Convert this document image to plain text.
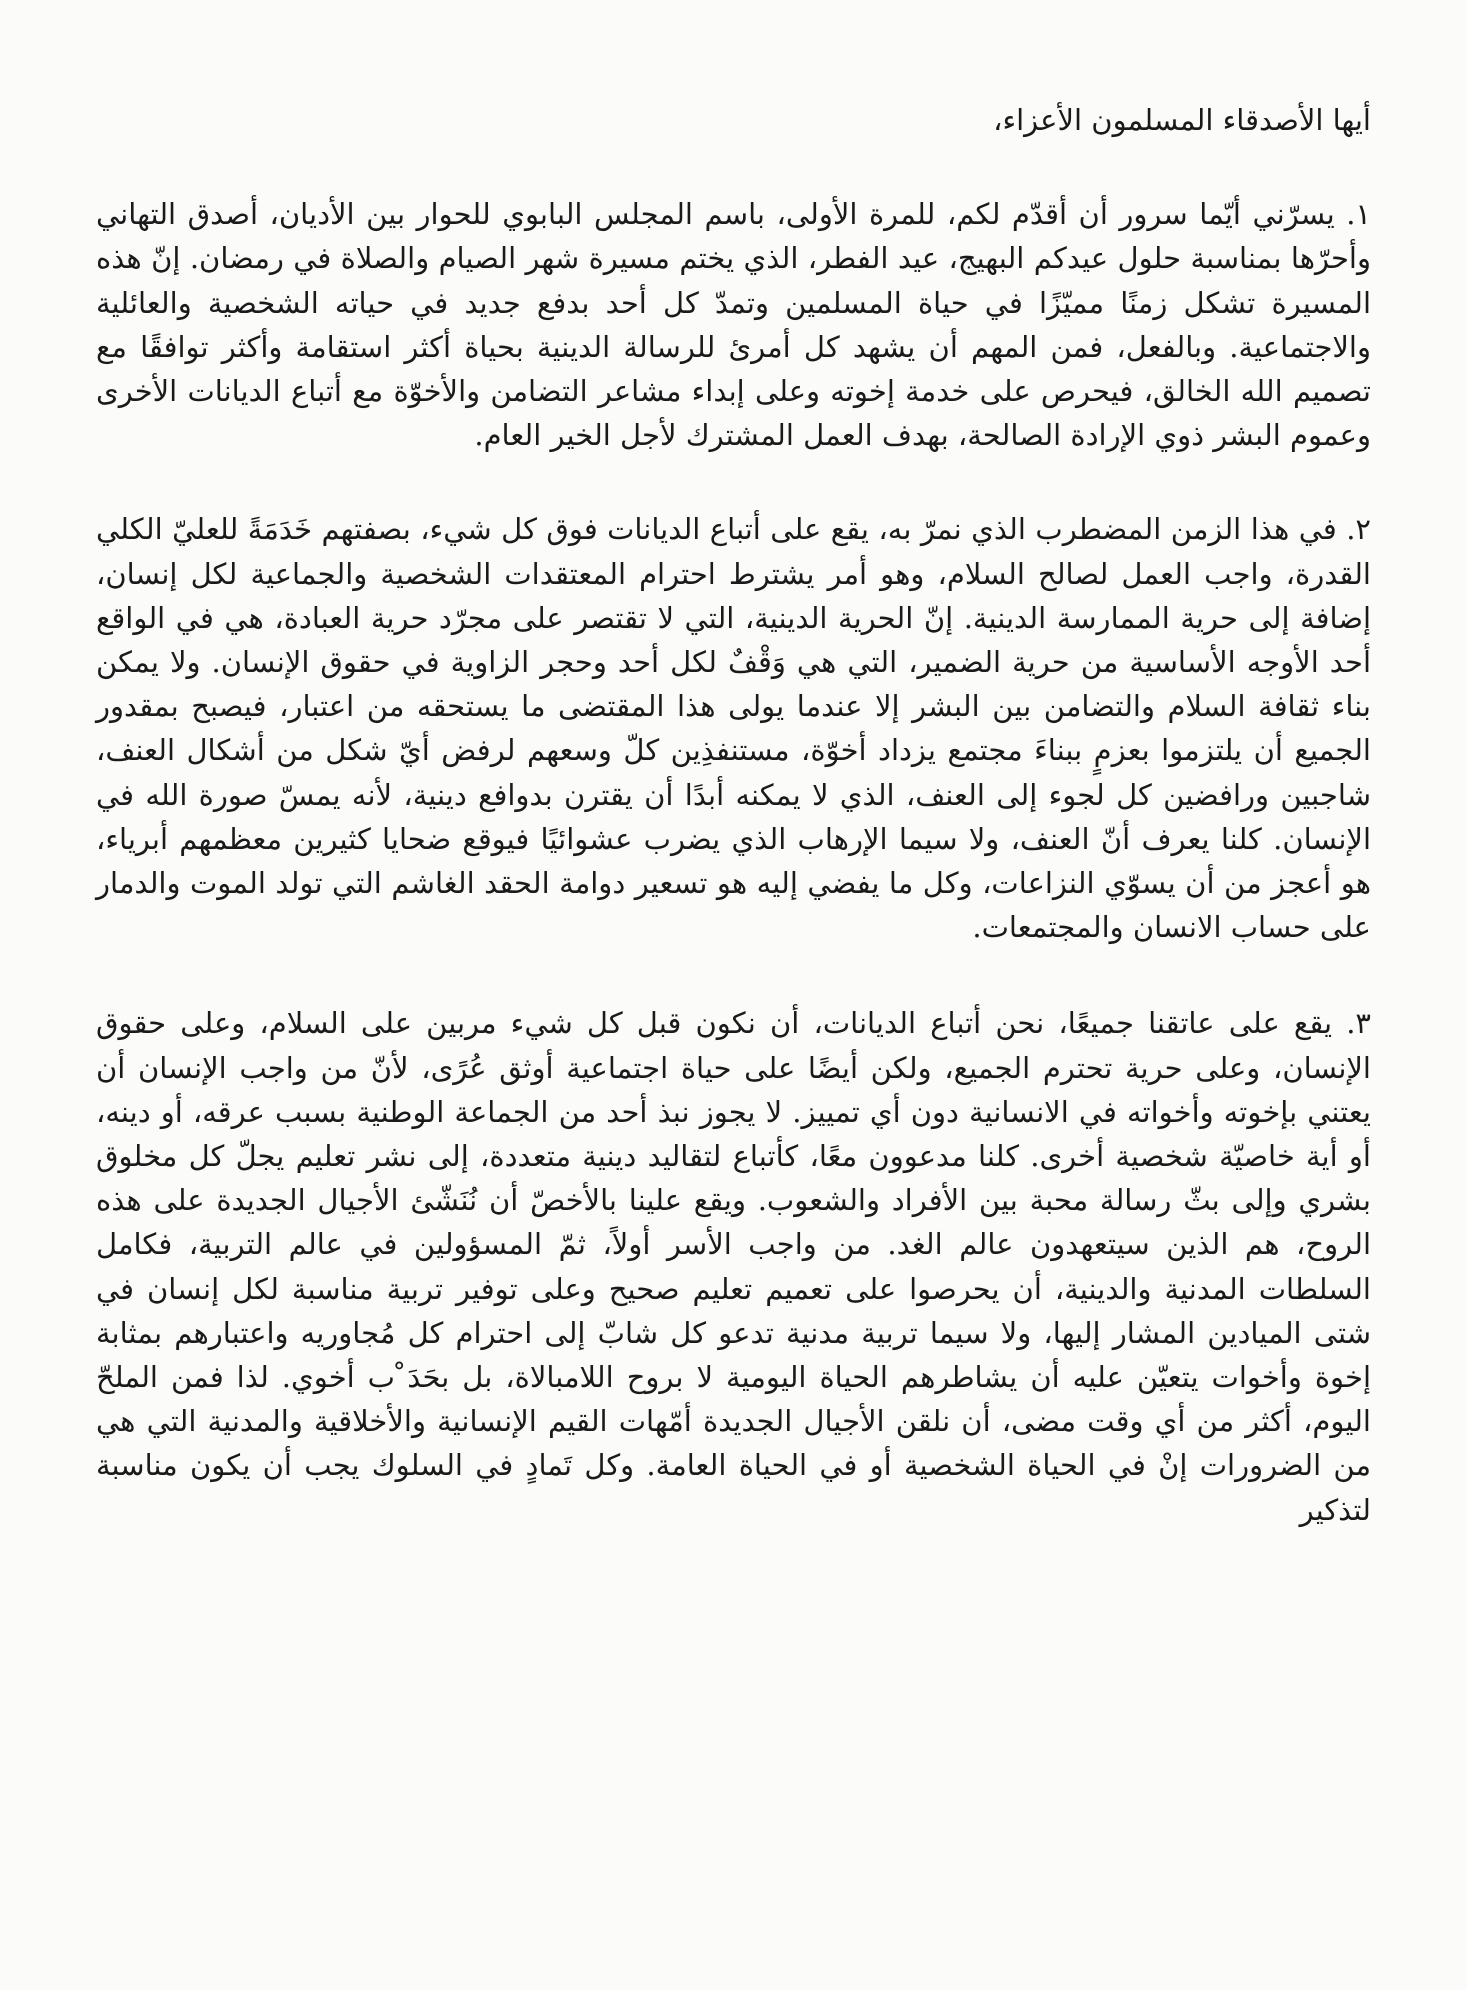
أيها الأصدقاء المسلمون الأعزاء،

١. يسرّني أيّما سرور أن أقدّم لكم، للمرة الأولى، باسم المجلس البابوي للحوار بين الأديان، أصدق التهاني وأحرّها بمناسبة حلول عيدكم البهيج، عيد الفطر، الذي يختم مسيرة شهر الصيام والصلاة في رمضان. إنّ هذه المسيرة تشكل زمنًا مميّزًا في حياة المسلمين وتمدّ كل أحد بدفع جديد في حياته الشخصية والعائلية والاجتماعية. وبالفعل، فمن المهم أن يشهد كل أمرئ للرسالة الدينية بحياة أكثر استقامة وأكثر توافقًا مع تصميم الله الخالق، فيحرص على خدمة إخوته وعلى إبداء مشاعر التضامن والأخوّة مع أتباع الديانات الأخرى وعموم البشر ذوي الإرادة الصالحة، بهدف العمل المشترك لأجل الخير العام.

٢. في هذا الزمن المضطرب الذي نمرّ به، يقع على أتباع الديانات فوق كل شيء، بصفتهم خَدَمَةً للعليّ الكلي القدرة، واجب العمل لصالح السلام، وهو أمر يشترط احترام المعتقدات الشخصية والجماعية لكل إنسان، إضافة إلى حرية الممارسة الدينية. إنّ الحرية الدينية، التي لا تقتصر على مجرّد حرية العبادة، هي في الواقع أحد الأوجه الأساسية من حرية الضمير، التي هي وَقْفٌ لكل أحد وحجر الزاوية في حقوق الإنسان. ولا يمكن بناء ثقافة السلام والتضامن بين البشر إلا عندما يولى هذا المقتضى ما يستحقه من اعتبار، فيصبح بمقدور الجميع أن يلتزموا بعزمٍ ببناءَ مجتمع يزداد أخوّة، مستنفذِين كلّ وسعهم لرفض أيّ شكل من أشكال العنف، شاجبين ورافضين كل لجوء إلى العنف، الذي لا يمكنه أبدًا أن يقترن بدوافع دينية، لأنه يمسّ صورة الله في الإنسان. كلنا يعرف أنّ العنف، ولا سيما الإرهاب الذي يضرب عشوائيًا فيوقع ضحايا كثيرين معظمهم أبرياء، هو أعجز من أن يسوّي النزاعات، وكل ما يفضي إليه هو تسعير دوامة الحقد الغاشم التي تولد الموت والدمار على حساب الانسان والمجتمعات.

٣. يقع على عاتقنا جميعًا، نحن أتباع الديانات، أن نكون قبل كل شيء مربين على السلام، وعلى حقوق الإنسان، وعلى حرية تحترم الجميع، ولكن أيضًا على حياة اجتماعية أوثق عُرًى، لأنّ من واجب الإنسان أن يعتني بإخوته وأخواته في الانسانية دون أي تمييز. لا يجوز نبذ أحد من الجماعة الوطنية بسبب عرقه، أو دينه، أو أية خاصيّة شخصية أخرى. كلنا مدعوون معًا، كأتباع لتقاليد دينية متعددة، إلى نشر تعليم يجلّ كل مخلوق بشري وإلى بثّ رسالة محبة بين الأفراد والشعوب. ويقع علينا بالأخصّ أن نُنَشّئ الأجيال الجديدة على هذه الروح، هم الذين سيتعهدون عالم الغد. من واجب الأسر أولاً، ثمّ المسؤولين في عالم التربية، فكامل السلطات المدنية والدينية، أن يحرصوا على تعميم تعليم صحيح وعلى توفير تربية مناسبة لكل إنسان في شتى الميادين المشار إليها، ولا سيما تربية مدنية تدعو كل شابّ إلى احترام كل مُجاوريه واعتبارهم بمثابة إخوة وأخوات يتعيّن عليه أن يشاطرهم الحياة اليومية لا بروح اللامبالاة، بل بحَدَ ْب أخوي. لذا فمن الملحّ اليوم، أكثر من أي وقت مضى، أن نلقن الأجيال الجديدة أمّهات القيم الإنسانية والأخلاقية والمدنية التي هي من الضرورات إنْ في الحياة الشخصية أو في الحياة العامة. وكل تَمادٍ في السلوك يجب أن يكون مناسبة لتذكير
